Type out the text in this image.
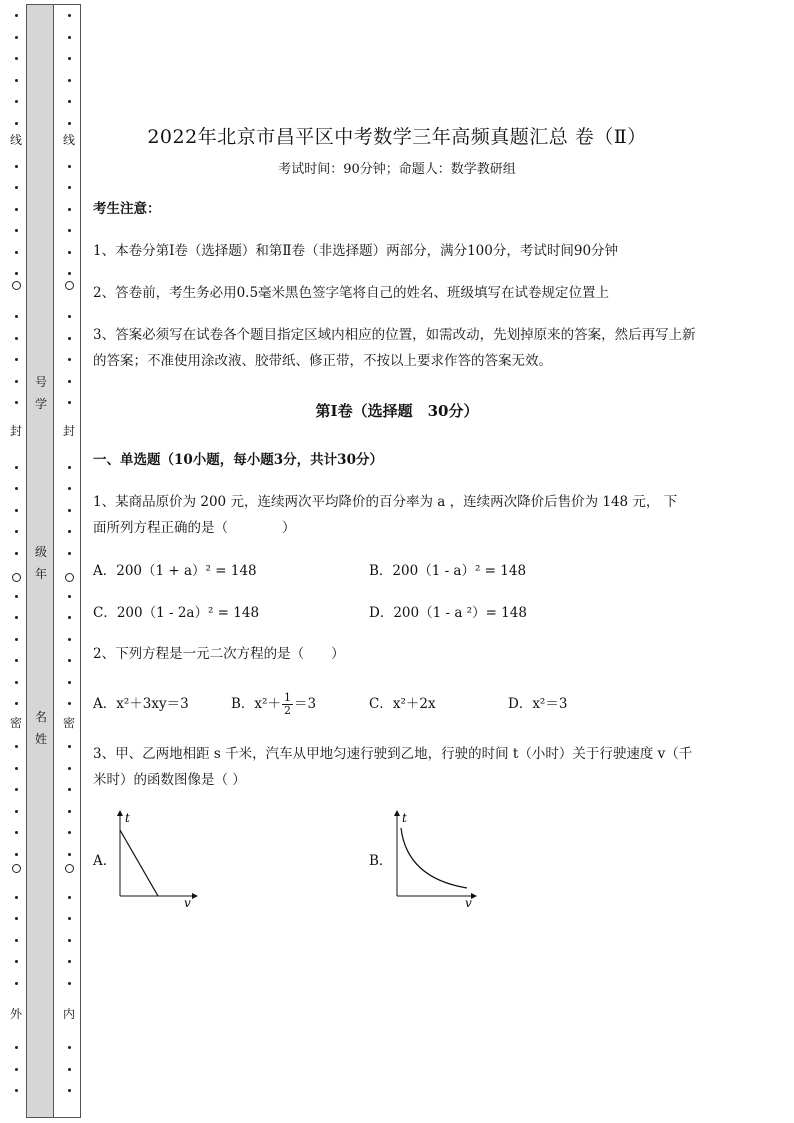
线
封
密
外
线
封
密
内
号
学
级
年
名
姓
2022年北京市昌平区中考数学三年高频真题汇总 卷（Ⅱ）
考试时间：90分钟；命题人：数学教研组
考生注意：
1、本卷分第Ⅰ卷（选择题）和第Ⅱ卷（非选择题）两部分，满分100分，考试时间90分钟
2、答卷前，考生务必用0.5毫米黑色签字笔将自己的姓名、班级填写在试卷规定位置上
3、答案必须写在试卷各个题目指定区域内相应的位置，如需改动，先划掉原来的答案，然后再写上新
的答案；不准使用涂改液、胶带纸、修正带，不按以上要求作答的答案无效。
第Ⅰ卷（选择题　30分）
一、单选题（10小题，每小题3分，共计30分）
1、某商品原价为 200 元，连续两次平均降价的百分率为 a ，连续两次降价后售价为 148 元， 下
面所列方程正确的是（　　　　）
A．200（1 + a）² = 148	B．200（1 - a）² = 148
C．200（1 - 2a）² = 148	D．200（1 - a ²）= 148
2、下列方程是一元二次方程的是（　　）
A．x²＋3xy＝3	B．$x^2+ \frac{1}{2} =3$	C．x²＋2x	D．x²＝3
3、甲、乙两地相距 s 千米，汽车从甲地匀速行驶到乙地，行驶的时间 t（小时）关于行驶速度 v（千
米时）的函数图像是（ ）
A．
t
v
B．
t
v
